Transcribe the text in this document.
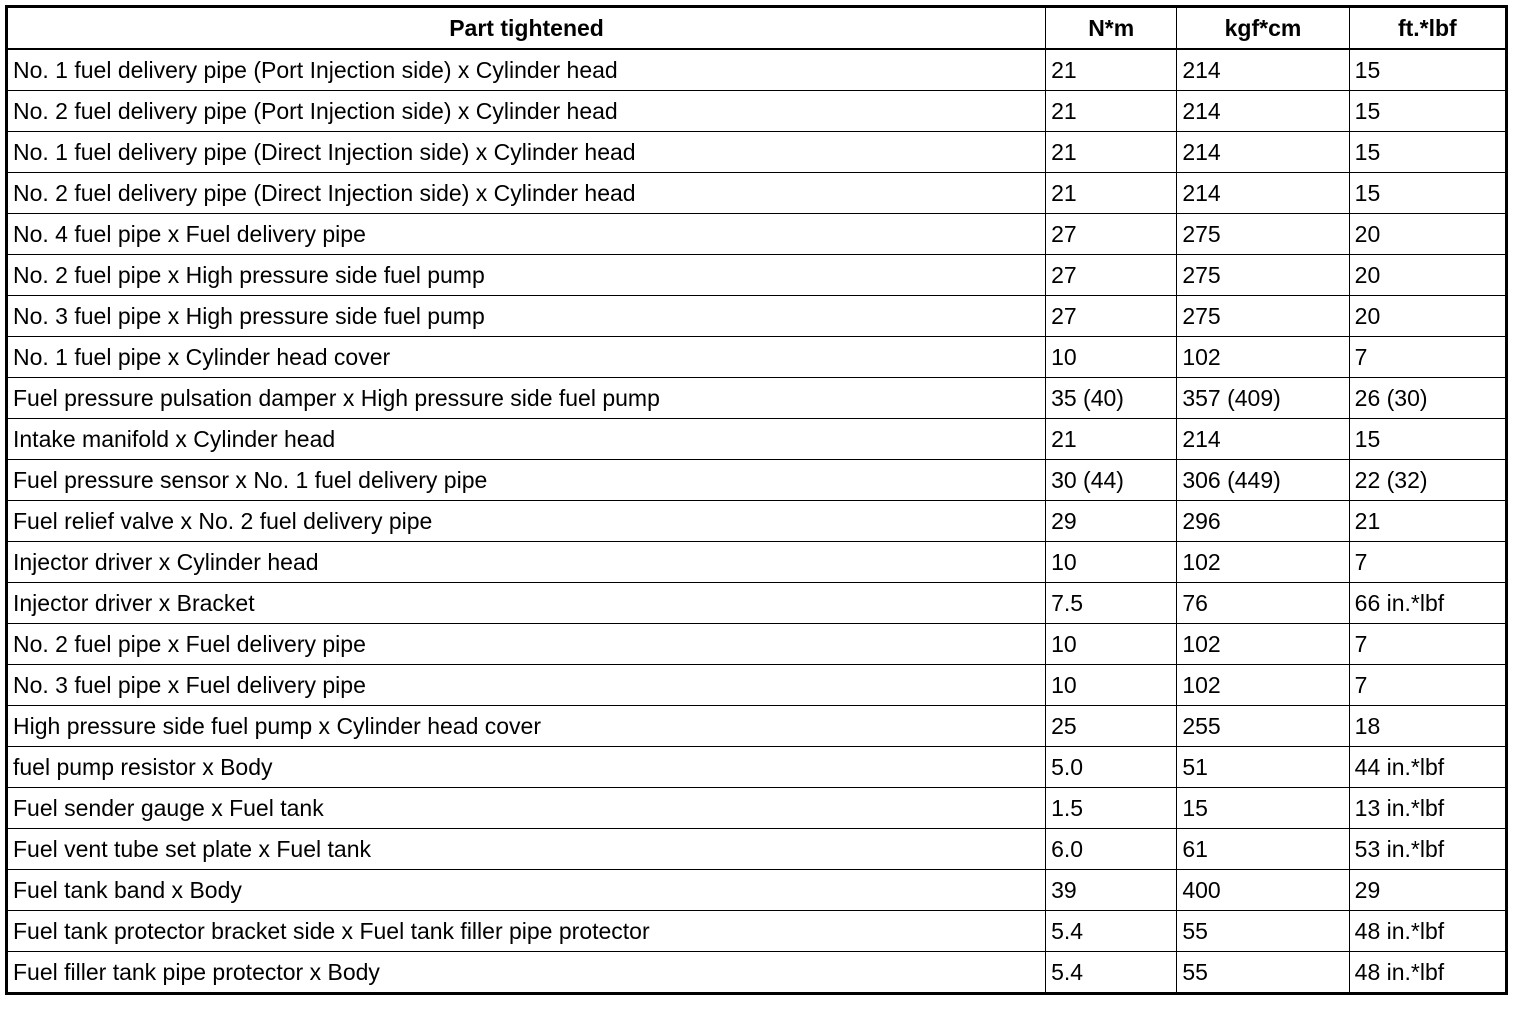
Part tightened	N*m	kgf*cm	ft.*lbf
No. 1 fuel delivery pipe (Port Injection side) x Cylinder head	21	214	15
No. 2 fuel delivery pipe (Port Injection side) x Cylinder head	21	214	15
No. 1 fuel delivery pipe (Direct Injection side) x Cylinder head	21	214	15
No. 2 fuel delivery pipe (Direct Injection side) x Cylinder head	21	214	15
No. 4 fuel pipe x Fuel delivery pipe	27	275	20
No. 2 fuel pipe x High pressure side fuel pump	27	275	20
No. 3 fuel pipe x High pressure side fuel pump	27	275	20
No. 1 fuel pipe x Cylinder head cover	10	102	7
Fuel pressure pulsation damper x High pressure side fuel pump	35 (40)	357 (409)	26 (30)
Intake manifold x Cylinder head	21	214	15
Fuel pressure sensor x No. 1 fuel delivery pipe	30 (44)	306 (449)	22 (32)
Fuel relief valve x No. 2 fuel delivery pipe	29	296	21
Injector driver x Cylinder head	10	102	7
Injector driver x Bracket	7.5	76	66 in.*lbf
No. 2 fuel pipe x Fuel delivery pipe	10	102	7
No. 3 fuel pipe x Fuel delivery pipe	10	102	7
High pressure side fuel pump x Cylinder head cover	25	255	18
fuel pump resistor x Body	5.0	51	44 in.*lbf
Fuel sender gauge x Fuel tank	1.5	15	13 in.*lbf
Fuel vent tube set plate x Fuel tank	6.0	61	53 in.*lbf
Fuel tank band x Body	39	400	29
Fuel tank protector bracket side x Fuel tank filler pipe protector	5.4	55	48 in.*lbf
Fuel filler tank pipe protector x Body	5.4	55	48 in.*lbf
